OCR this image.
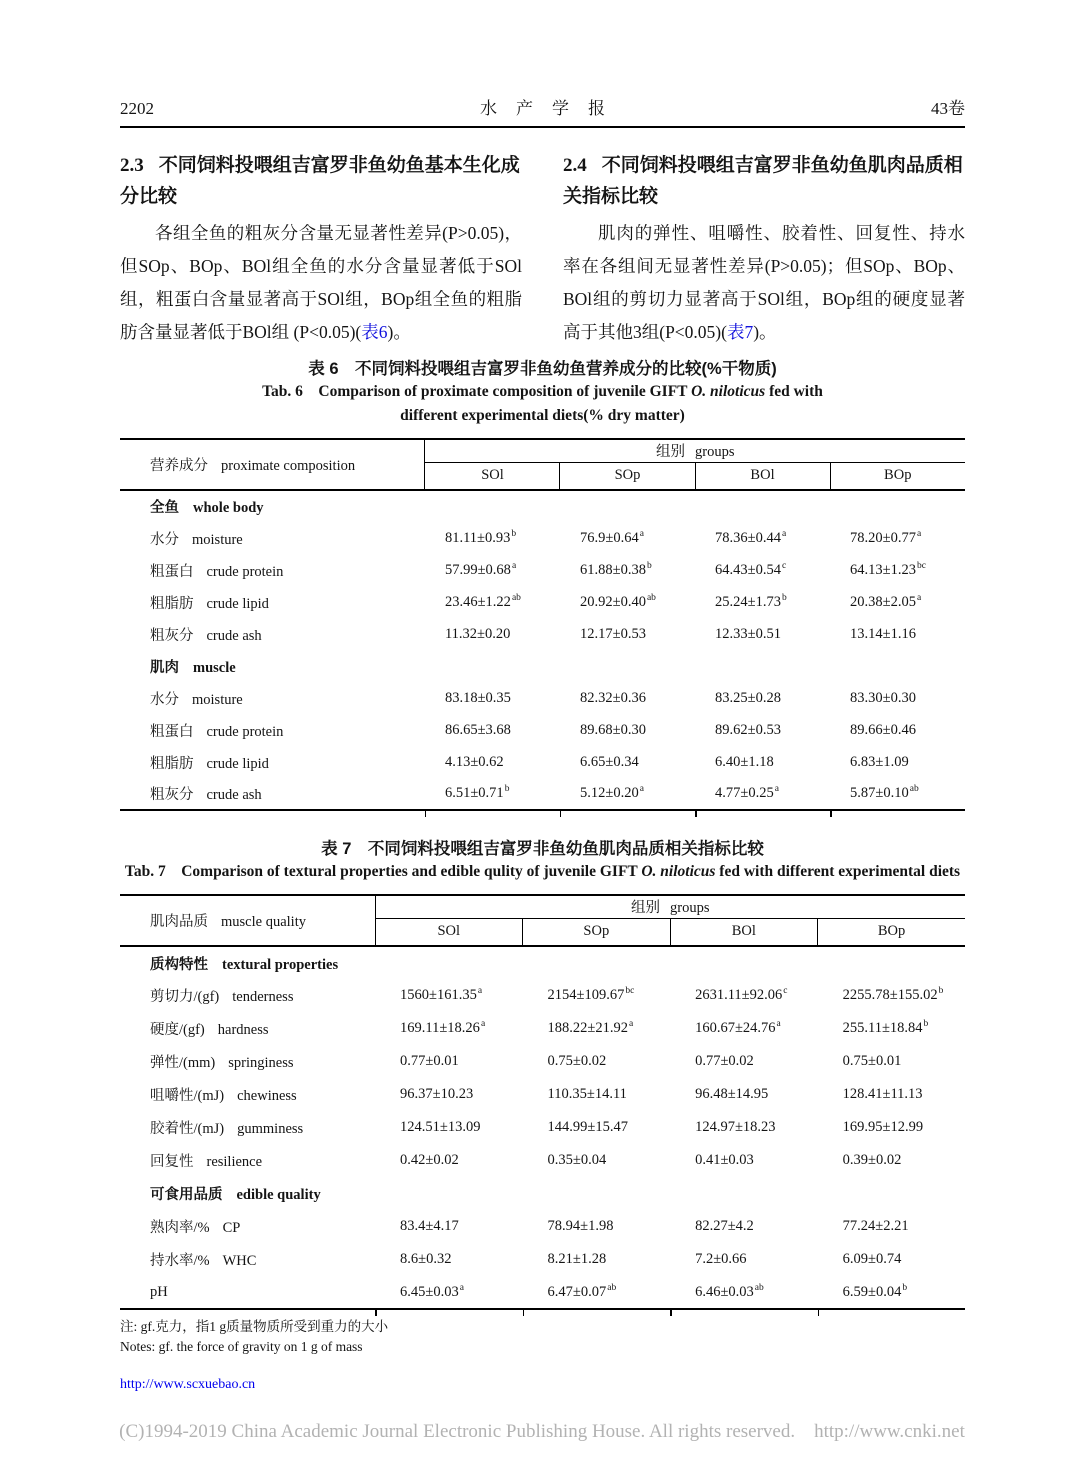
2202	水产学报	43卷
2.3 不同饲料投喂组吉富罗非鱼幼鱼基本生化成分比较

各组全鱼的粗灰分含量无显著性差异(P>0.05)，但SOp、BOp、BOl组全鱼的水分含量显著低于SOl组，粗蛋白含量显著高于SOl组，BOp组全鱼的粗脂肪含量显著低于BOl组 (P<0.05)(表6)。

2.4 不同饲料投喂组吉富罗非鱼幼鱼肌肉品质相关指标比较

肌肉的弹性、咀嚼性、胶着性、回复性、持水率在各组间无显著性差异(P>0.05)；但SOp、BOp、BOl组的剪切力显著高于SOl组，BOp组的硬度显著高于其他3组(P<0.05)(表7)。

表 6　不同饲料投喂组吉富罗非鱼幼鱼营养成分的比较(%干物质)
Tab. 6　Comparison of proximate composition of juvenile GIFT O. niloticus fed with
different experimental diets(% dry matter)
营养成分 proximate composition	组别 groups			
	SOl	SOp	BOl	BOp
全鱼 whole body				
水分 moisture	81.11±0.93$^b$	76.9±0.64$^a$	78.36±0.44$^a$	78.20±0.77$^a$
粗蛋白 crude protein	57.99±0.68$^a$	61.88±0.38$^b$	64.43±0.54$^c$	64.13±1.23$^{bc}$
粗脂肪 crude lipid	23.46±1.22$^{ab}$	20.92±0.40$^{ab}$	25.24±1.73$^b$	20.38±2.05$^a$
粗灰分 crude ash	11.32±0.20	12.17±0.53	12.33±0.51	13.14±1.16
肌肉 muscle				
水分 moisture	83.18±0.35	82.32±0.36	83.25±0.28	83.30±0.30
粗蛋白 crude protein	86.65±3.68	89.68±0.30	89.62±0.53	89.66±0.46
粗脂肪 crude lipid	4.13±0.62	6.65±0.34	6.40±1.18	6.83±1.09
粗灰分 crude ash	6.51±0.71$^b$	5.12±0.20$^a$	4.77±0.25$^a$	5.87±0.10$^{ab}$
表 7　不同饲料投喂组吉富罗非鱼幼鱼肌肉品质相关指标比较
Tab. 7　Comparison of textural properties and edible qulity of juvenile GIFT O. niloticus fed with different experimental diets
肌肉品质 muscle quality	组别 groups			
	SOl	SOp	BOl	BOp
质构特性 textural properties				
剪切力/(gf) tenderness	1560±161.35$^a$	2154±109.67$^{bc}$	2631.11±92.06$^c$	2255.78±155.02$^b$
硬度/(gf) hardness	169.11±18.26$^a$	188.22±21.92$^a$	160.67±24.76$^a$	255.11±18.84$^b$
弹性/(mm) springiness	0.77±0.01	0.75±0.02	0.77±0.02	0.75±0.01
咀嚼性/(mJ) chewiness	96.37±10.23	110.35±14.11	96.48±14.95	128.41±11.13
胶着性/(mJ) gumminess	124.51±13.09	144.99±15.47	124.97±18.23	169.95±12.99
回复性 resilience	0.42±0.02	0.35±0.04	0.41±0.03	0.39±0.02
可食用品质 edible quality				
熟肉率/% CP	83.4±4.17	78.94±1.98	82.27±4.2	77.24±2.21
持水率/% WHC	8.6±0.32	8.21±1.28	7.2±0.66	6.09±0.74
pH	6.45±0.03$^a$	6.47±0.07$^{ab}$	6.46±0.03$^{ab}$	6.59±0.04$^b$
注: gf.克力，指1 g质量物质所受到重力的大小
Notes: gf. the force of gravity on 1 g of mass
http://www.scxuebao.cn
(C)1994-2019 China Academic Journal Electronic Publishing House. All rights reserved.    http://www.cnki.net
